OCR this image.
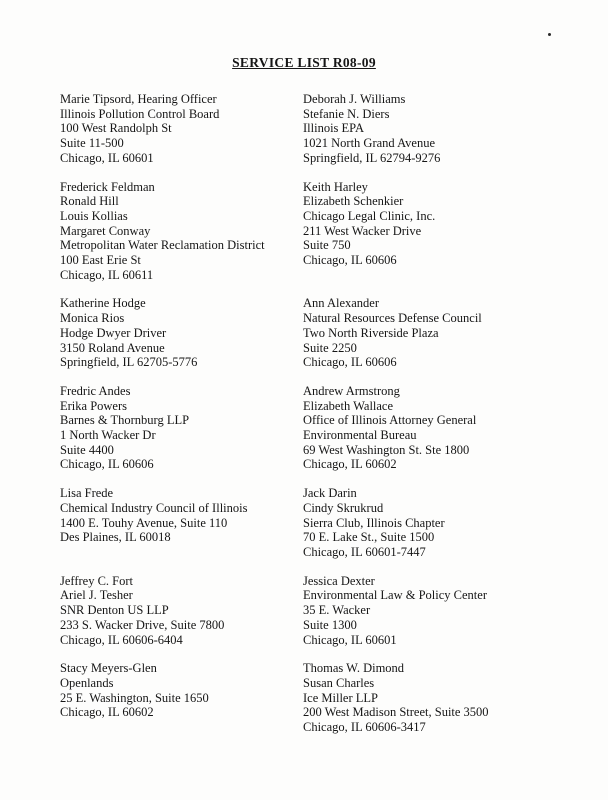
SERVICE LIST R08-09
Marie Tipsord, Hearing Officer
Illinois Pollution Control Board
100 West Randolph St
Suite 11-500
Chicago, IL 60601
Deborah J. Williams
Stefanie N. Diers
Illinois EPA
1021 North Grand Avenue
Springfield, IL 62794-9276
Frederick Feldman
Ronald Hill
Louis Kollias
Margaret Conway
Metropolitan Water Reclamation District
100 East Erie St
Chicago, IL 60611
Keith Harley
Elizabeth Schenkier
Chicago Legal Clinic, Inc.
211 West Wacker Drive
Suite 750
Chicago, IL 60606
Katherine Hodge
Monica Rios
Hodge Dwyer Driver
3150 Roland Avenue
Springfield, IL 62705-5776
Ann Alexander
Natural Resources Defense Council
Two North Riverside Plaza
Suite 2250
Chicago, IL 60606
Fredric Andes
Erika Powers
Barnes & Thornburg LLP
1 North Wacker Dr
Suite 4400
Chicago, IL 60606
Andrew Armstrong
Elizabeth Wallace
Office of Illinois Attorney General
Environmental Bureau
69 West Washington St. Ste 1800
Chicago, IL 60602
Lisa Frede
Chemical Industry Council of Illinois
1400 E. Touhy Avenue, Suite 110
Des Plaines, IL 60018
Jack Darin
Cindy Skrukrud
Sierra Club, Illinois Chapter
70 E. Lake St., Suite 1500
Chicago, IL 60601-7447
Jeffrey C. Fort
Ariel J. Tesher
SNR Denton US LLP
233 S. Wacker Drive, Suite 7800
Chicago, IL 60606-6404
Jessica Dexter
Environmental Law & Policy Center
35 E. Wacker
Suite 1300
Chicago, IL 60601
Stacy Meyers-Glen
Openlands
25 E. Washington, Suite 1650
Chicago, IL 60602
Thomas W. Dimond
Susan Charles
Ice Miller LLP
200 West Madison Street, Suite 3500
Chicago, IL 60606-3417
